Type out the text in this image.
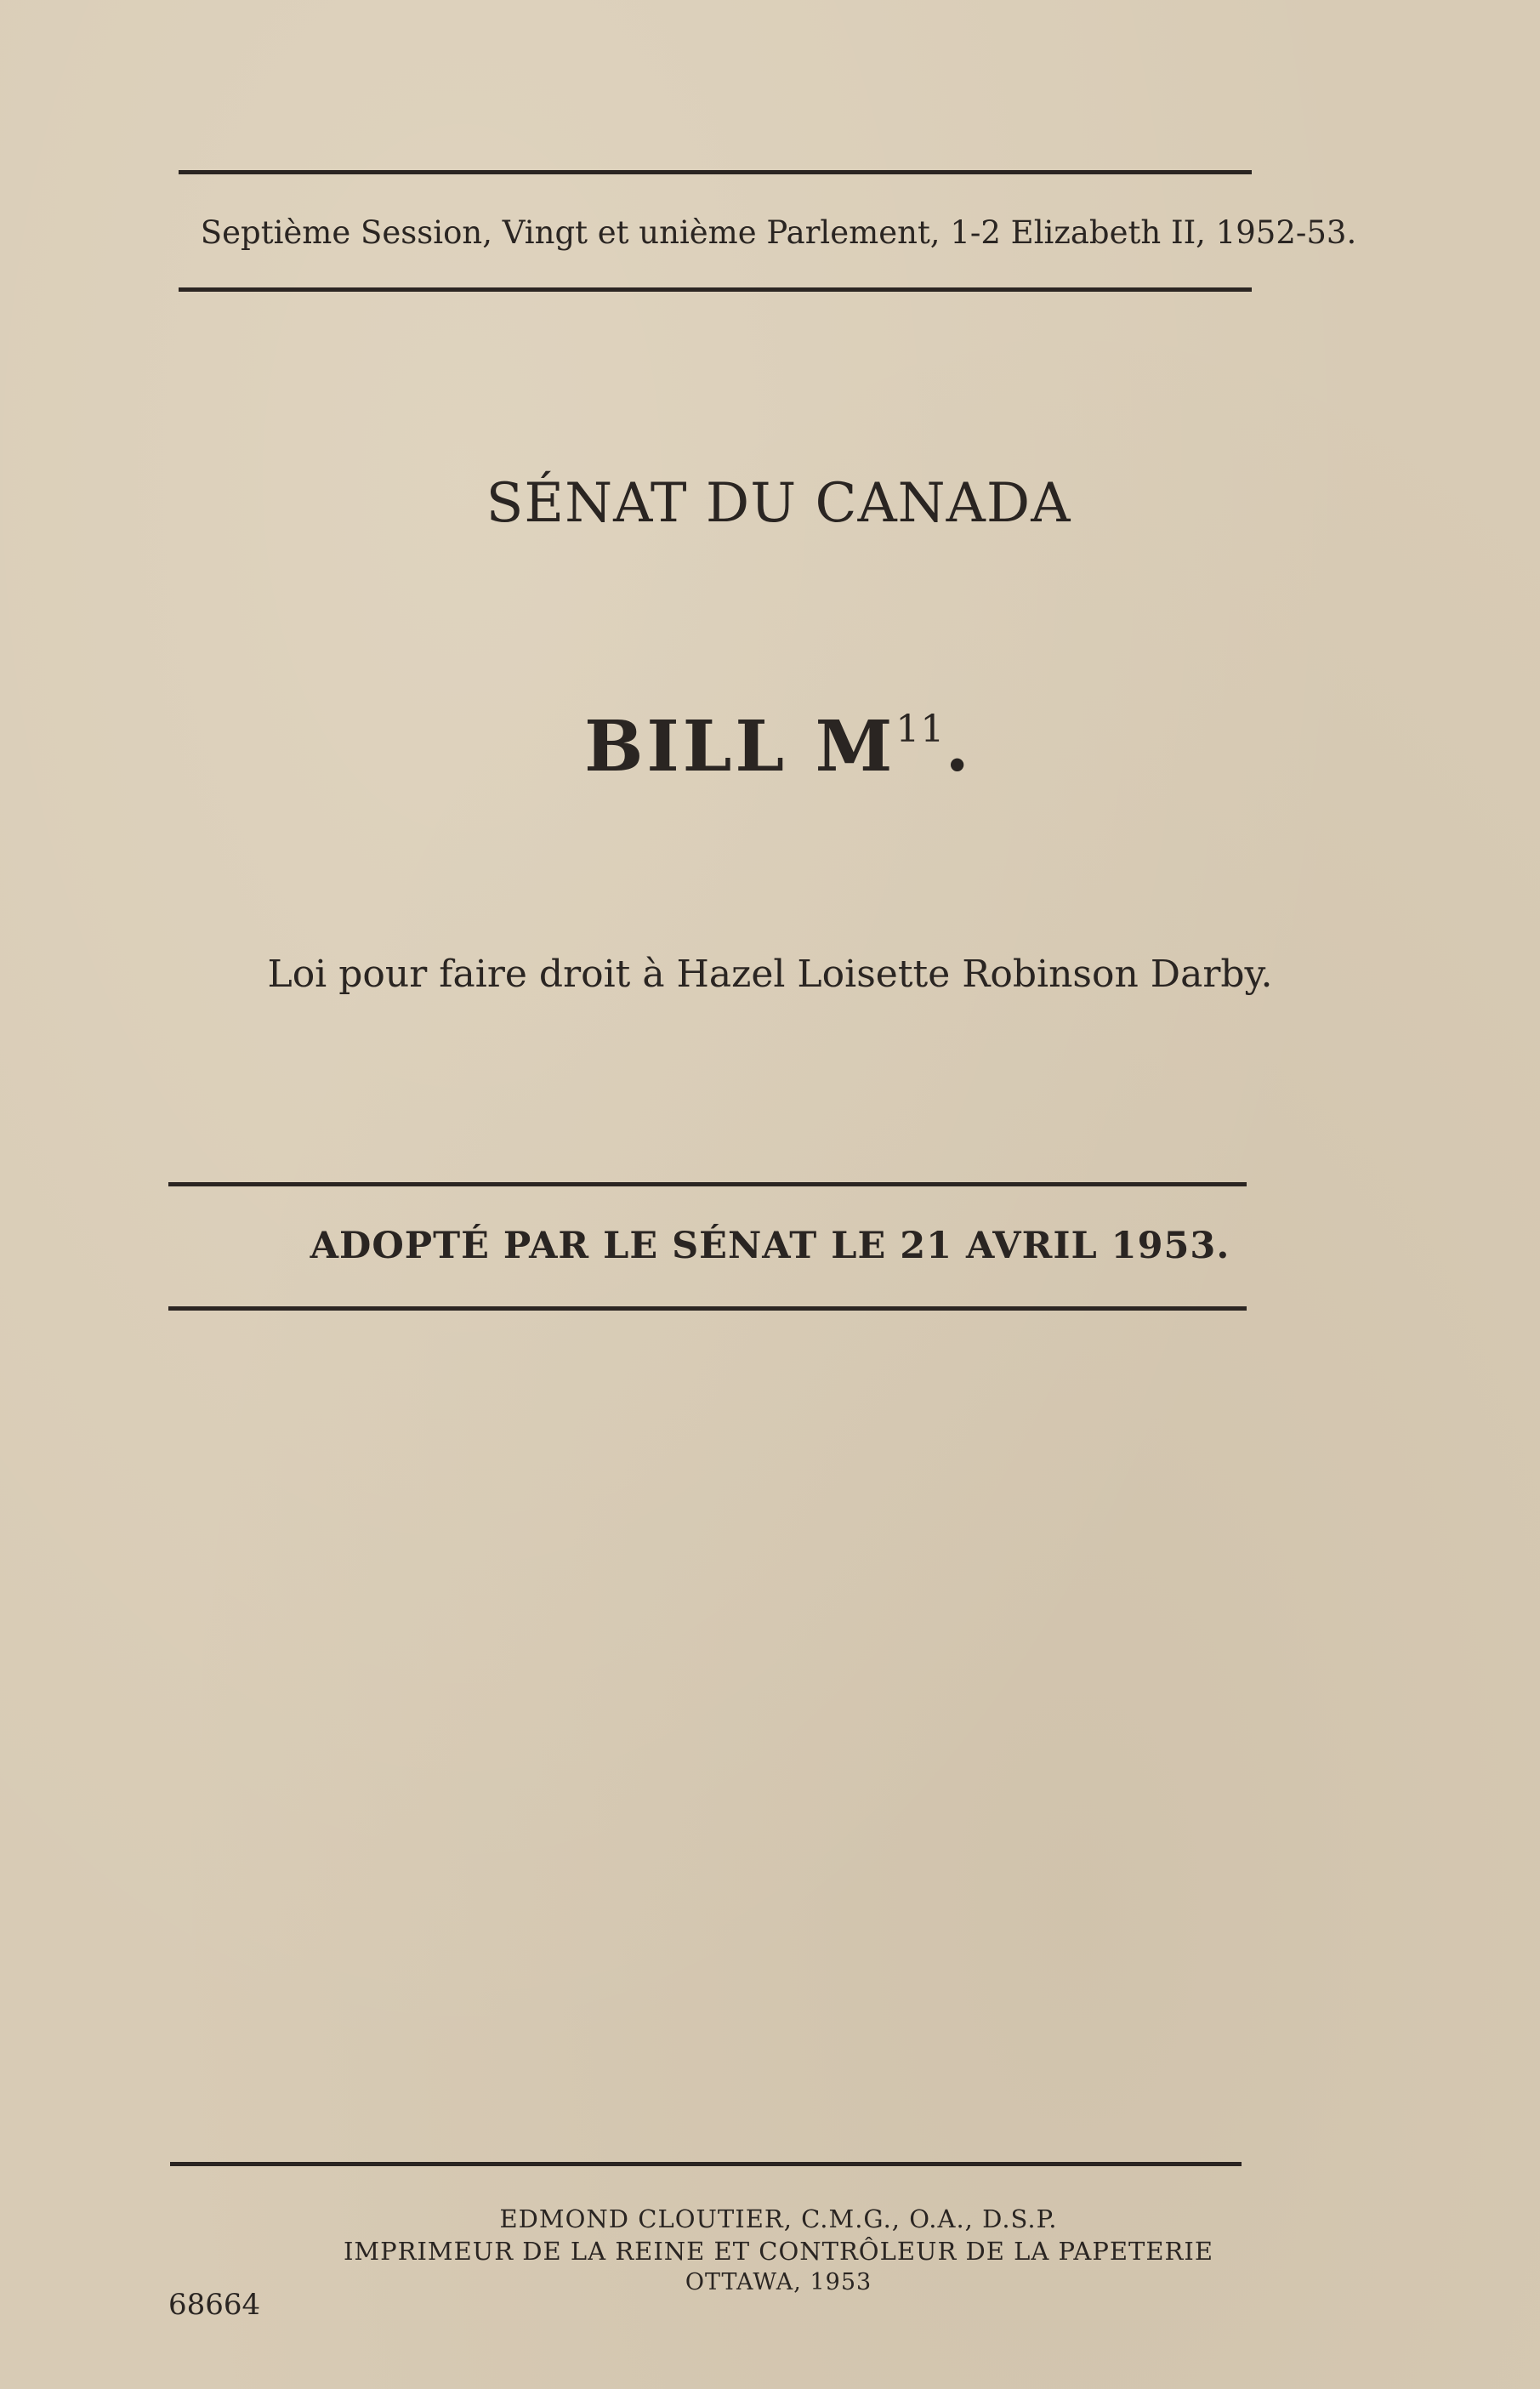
Septième Session, Vingt et unième Parlement, 1-2 Elizabeth II, 1952-53.
SÉNAT DU CANADA
BILL $M^{11}$.
Loi pour faire droit à Hazel Loisette Robinson Darby.
ADOPTÉ PAR LE SÉNAT LE 21 AVRIL 1953.
EDMOND CLOUTIER, C.M.G., O.A., D.S.P.
IMPRIMEUR DE LA REINE ET CONTRÔLEUR DE LA PAPETERIE
OTTAWA, 1953
68664
